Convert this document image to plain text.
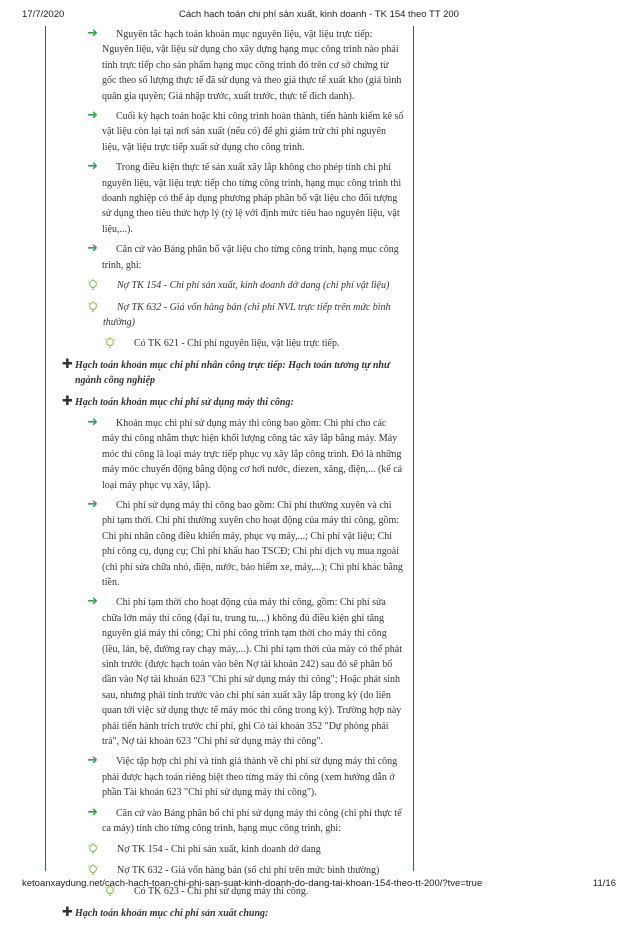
17/7/2020	Cách hạch toán chi phí sản xuất, kinh doanh - TK 154 theo TT 200
➜	Nguyên tắc hạch toán khoản mục nguyên liệu, vật liệu trực tiếp: Nguyên liệu, vật liệu sử dụng cho xây dựng hạng mục công trình nào phải tính trực tiếp cho sản phẩm hạng mục công trình đó trên cơ sở chứng từ gốc theo số lượng thực tế đã sử dụng và theo giá thực tế xuất kho (giá bình quân gia quyền; Giá nhập trước, xuất trước, thực tế đích danh).
➜	Cuối kỳ hạch toán hoặc khi công trình hoàn thành, tiến hành kiểm kê số vật liệu còn lại tại nơi sản xuất (nếu có) để ghi giảm trừ chi phí nguyên liệu, vật liệu trực tiếp xuất sử dụng cho công trình.
➜	Trong điều kiện thực tế sản xuất xây lắp không cho phép tính chi phí nguyên liệu, vật liệu trực tiếp cho từng công trình, hạng mục công trình thì doanh nghiệp có thể áp dụng phương pháp phân bổ vật liệu cho đối tượng sử dụng theo tiêu thức hợp lý (tỷ lệ với định mức tiêu hao nguyên liệu, vật liệu,...).
➜	Căn cứ vào Bảng phân bổ vật liệu cho từng công trình, hạng mục công trình, ghi:
Nợ TK 154 - Chi phí sản xuất, kinh doanh dở dang (chi phí vật liệu)
Nợ TK 632 - Giá vốn hàng bán (chi phí NVL trực tiếp trên mức bình thường)
Có TK 621 - Chi phí nguyên liệu, vật liệu trực tiếp.
✚ Hạch toán khoản mục chi phí nhân công trực tiếp: Hạch toán tương tự như ngành công nghiệp
✚ Hạch toán khoản mục chi phí sử dụng máy thi công:
➜	Khoản mục chi phí sử dụng máy thi công bao gồm: Chi phí cho các máy thi công nhằm thực hiện khối lượng công tác xây lắp bằng máy. Máy móc thi công là loại máy trực tiếp phục vụ xây lắp công trình. Đó là những máy móc chuyển động bằng động cơ hơi nước, diezen, xăng, điện,... (kể cả loại máy phục vụ xây, lắp).
➜	Chi phí sử dụng máy thi công bao gồm: Chi phí thường xuyên và chi phí tạm thời. Chi phí thường xuyên cho hoạt động của máy thi công, gồm: Chi phí nhân công điều khiển máy, phục vụ máy,...; Chi phí vật liệu; Chi phí công cụ, dụng cụ; Chi phí khấu hao TSCĐ; Chi phí dịch vụ mua ngoài (chi phí sửa chữa nhỏ, điện, nước, bảo hiểm xe, máy,...); Chi phí khác bằng tiền.
➜	Chi phí tạm thời cho hoạt động của máy thi công, gồm: Chi phí sửa chữa lớn máy thi công (đại tu, trung tu,...) không đủ điều kiện ghi tăng nguyên giá máy thi công; Chi phí công trình tạm thời cho máy thi công (lều, lán, bệ, đường ray chạy máy,...). Chi phí tạm thời của máy có thể phát sinh trước (được hạch toán vào bên Nợ tài khoản 242) sau đó sẽ phân bổ dần vào Nợ tài khoản 623 "Chi phí sử dụng máy thi công"; Hoặc phát sinh sau, nhưng phải tính trước vào chi phí sản xuất xây lắp trong kỳ (do liên quan tới việc sử dụng thực tế máy móc thi công trong kỳ). Trường hợp này phải tiến hành trích trước chi phí, ghi Có tài khoản 352 "Dự phòng phải trả", Nợ tài khoản 623 "Chi phí sử dụng máy thi công".
➜	Việc tập hợp chi phí và tính giá thành về chi phí sử dụng máy thi công phải được hạch toán riêng biệt theo từng máy thi công (xem hướng dẫn ở phần Tài khoản 623 "Chi phí sử dụng máy thi công").
➜	Căn cứ vào Bảng phân bổ chi phí sử dụng máy thi công (chi phí thực tế ca máy) tính cho từng công trình, hạng mục công trình, ghi:
Nợ TK 154 - Chi phí sản xuất, kinh doanh dở dang
Nợ TK 632 - Giá vốn hàng bán (số chi phí trên mức bình thường)
Có TK 623 - Chi phí sử dụng máy thi công.
✚ Hạch toán khoản mục chi phí sản xuất chung:
ketoanxaydung.net/cach-hach-toan-chi-phi-san-suat-kinh-doanh-do-dang-tai-khoan-154-theo-tt-200/?tve=true	11/16
